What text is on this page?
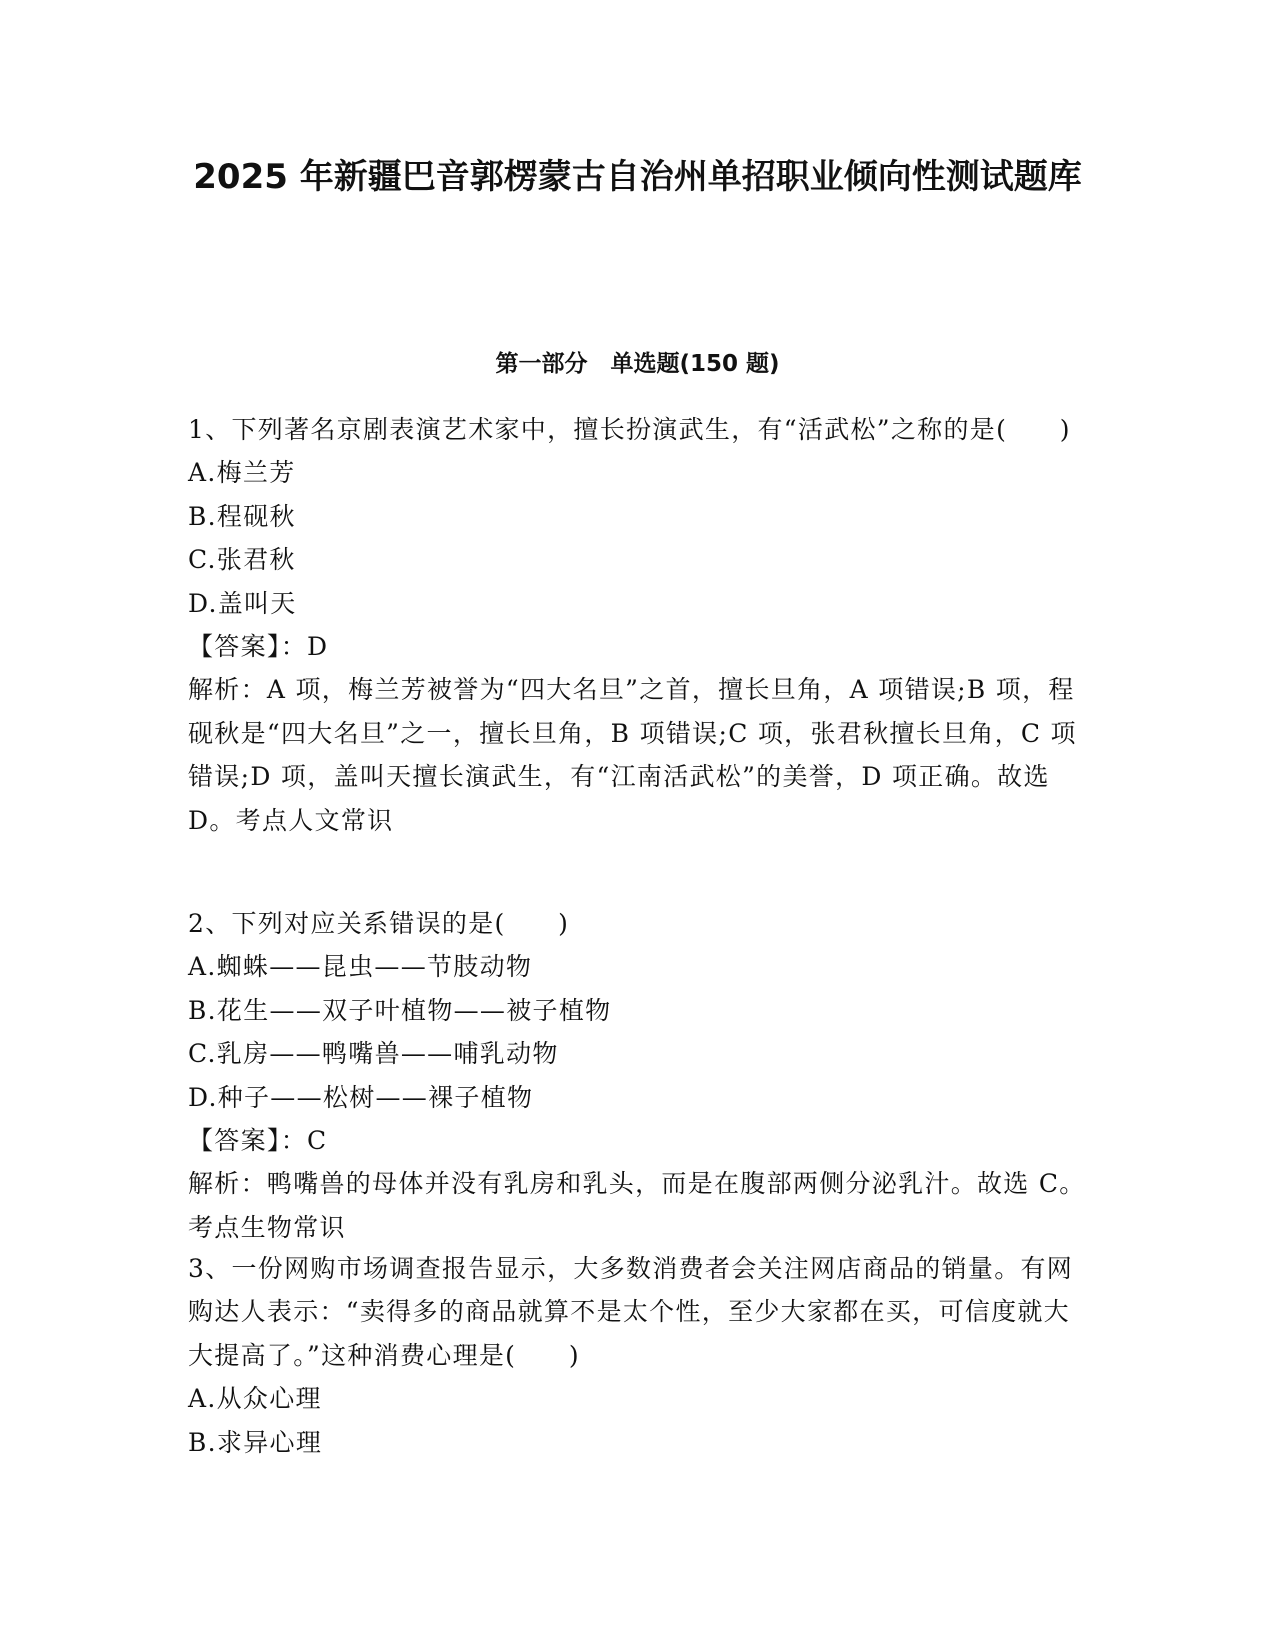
2025 年新疆巴音郭楞蒙古自治州单招职业倾向性测试题库
第一部分　单选题(150 题)

1、下列著名京剧表演艺术家中，擅长扮演武生，有“活武松”之称的是(　　)

A.梅兰芳

B.程砚秋

C.张君秋

D.盖叫天

【答案】：D

解析：A 项，梅兰芳被誉为“四大名旦”之首，擅长旦角，A 项错误;B 项，程砚秋是“四大名旦”之一，擅长旦角，B 项错误;C 项，张君秋擅长旦角，C 项错误;D 项，盖叫天擅长演武生，有“江南活武松”的美誉，D 项正确。故选 D。考点人文常识

2、下列对应关系错误的是(　　)

A.蜘蛛——昆虫——节肢动物

B.花生——双子叶植物——被子植物

C.乳房——鸭嘴兽——哺乳动物

D.种子——松树——裸子植物

【答案】：C

解析：鸭嘴兽的母体并没有乳房和乳头，而是在腹部两侧分泌乳汁。故选 C。考点生物常识

3、一份网购市场调查报告显示，大多数消费者会关注网店商品的销量。有网购达人表示：“卖得多的商品就算不是太个性，至少大家都在买，可信度就大大提高了。”这种消费心理是(　　)

A.从众心理

B.求异心理
